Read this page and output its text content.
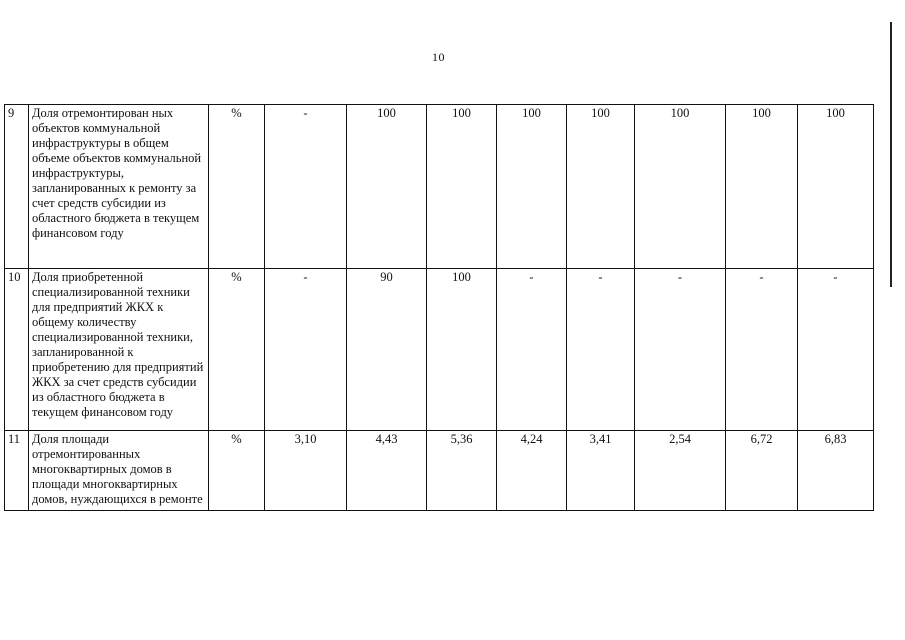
10
9	Доля отремонтирован ных объектов коммунальной инфраструктуры в общем объеме объектов коммунальной инфраструктуры, запланированных к ремонту за счет средств субсидии из областного бюджета в текущем финансовом году	%	-	100	100	100	100	100	100	100
10	Доля приобретенной специализированной техники для предприятий ЖКХ к общему количеству специализированной техники, запланированной к приобретению для предприятий ЖКХ за счет средств субсидии из областного бюджета в текущем финансовом году	%	-	90	100	-	-	-	-	-
11	Доля площади отремонтированных многоквартирных домов в площади многоквартирных домов, нуждающихся в ремонте	%	3,10	4,43	5,36	4,24	3,41	2,54	6,72	6,83
